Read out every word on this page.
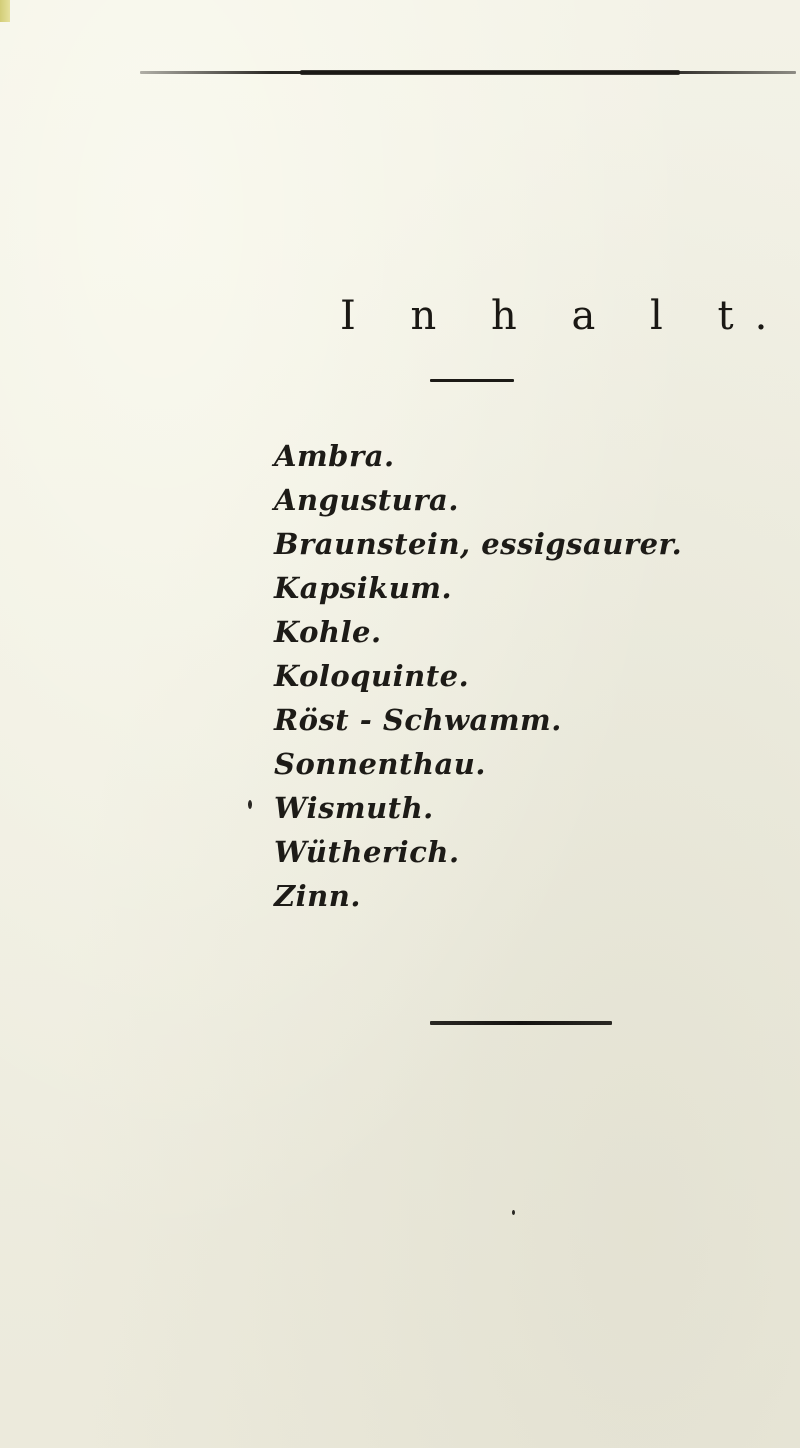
I n h a l t.
Ambra.
Angustura.
Braunstein, essigsaurer.
Kapsikum.
Kohle.
Koloquinte.
Röst - Schwamm.
Sonnenthau.
Wismuth.
Wütherich.
Zinn.
